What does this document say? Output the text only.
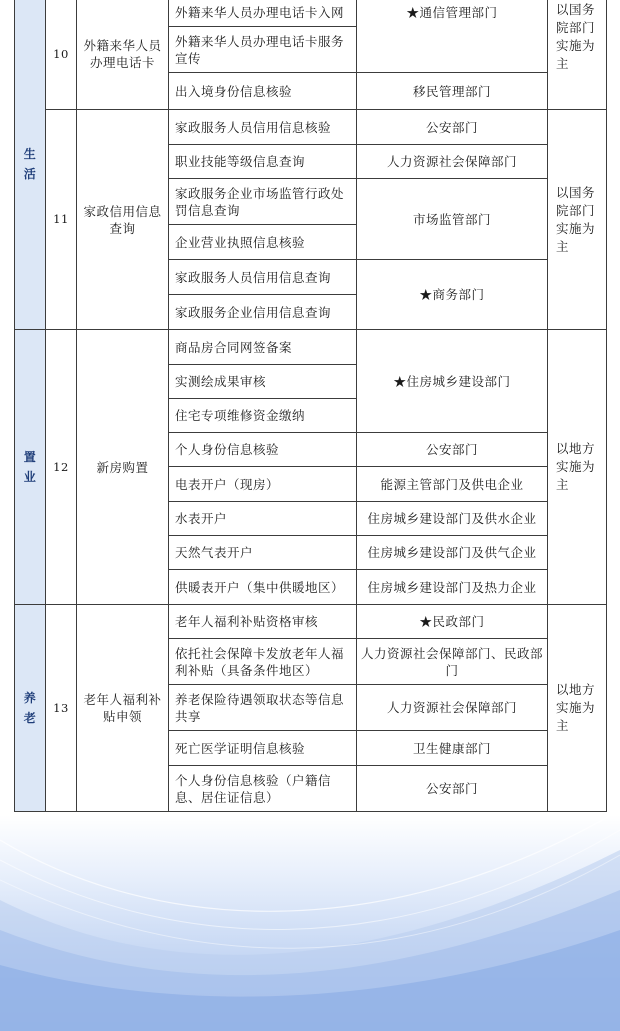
生活	10	外籍来华人员办理电话卡	外籍来华人员办理电话卡入网	★通信管理部门	以国务院部门实施为主
			外籍来华人员办理电话卡服务宣传		
			出入境身份信息核验	移民管理部门	
	11	家政信用信息查询	家政服务人员信用信息核验	公安部门	以国务院部门实施为主
			职业技能等级信息查询	人力资源社会保障部门	
			家政服务企业市场监管行政处罚信息查询	市场监管部门	
			企业营业执照信息核验		
			家政服务人员信用信息查询	★商务部门	
			家政服务企业信用信息查询		
置业	12	新房购置	商品房合同网签备案	★住房城乡建设部门	以地方实施为主
			实测绘成果审核		
			住宅专项维修资金缴纳		
			个人身份信息核验	公安部门	
			电表开户（现房）	能源主管部门及供电企业	
			水表开户	住房城乡建设部门及供水企业	
			天然气表开户	住房城乡建设部门及供气企业	
			供暖表开户（集中供暖地区）	住房城乡建设部门及热力企业	
养老	13	老年人福利补贴申领	老年人福利补贴资格审核	★民政部门	以地方实施为主
			依托社会保障卡发放老年人福利补贴（具备条件地区）	人力资源社会保障部门、民政部门	
			养老保险待遇领取状态等信息共享	人力资源社会保障部门	
			死亡医学证明信息核验	卫生健康部门	
			个人身份信息核验（户籍信息、居住证信息）	公安部门	
